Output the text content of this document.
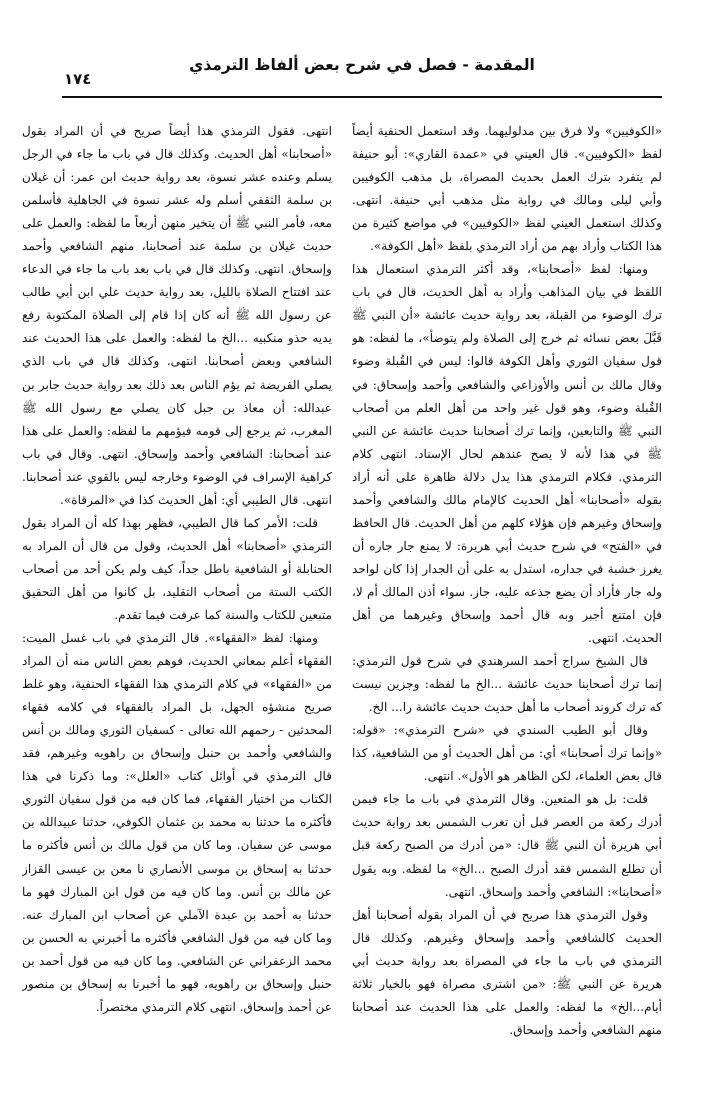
المقدمة - فصل في شرح بعض ألفاظ الترمذي
١٧٤

«الكوفيين» ولا فرق بين مدلوليهما. وقد استعمل الحنفية أيضاً لفظ «الكوفيين». قال العيني في «عمدة القاري»: أبو حنيفة لم يتفرد بترك العمل بحديث المصراة، بل مذهب الكوفيين وأبي ليلى ومالك في رواية مثل مذهب أبي حنيفة. انتهى. وكذلك استعمل العيني لفظ «الكوفيين» في مواضع كثيرة من هذا الكتاب وأراد بهم من أراد الترمذي بلفظ «أهل الكوفة».

ومنها: لفظ «أصحابنا»، وقد أكثر الترمذي استعمال هذا اللفظ في بيان المذاهب وأراد به أهل الحديث، قال في باب ترك الوضوء من القبلة، بعد رواية حديث عائشة «أن النبي ﷺ قَبَّلَ بعض نسائه ثم خرج إلى الصلاة ولم يتوضأ»، ما لفظه: هو قول سفيان الثوري وأهل الكوفة قالوا: ليس في القُبلة وضوء وقال مالك بن أنس والأوزاعي والشافعي وأحمد وإسحاق: في القُبلة وضوء، وهو قول غير واحد من أهل العلم من أصحاب النبي ﷺ والتابعين، وإنما ترك أصحابنا حديث عائشة عن النبي ﷺ في هذا لأنه لا يصح عندهم لحال الإسناد. انتهى كلام الترمذي. فكلام الترمذي هذا يدل دلالة ظاهرة على أنه أراد بقوله «أصحابنا» أهل الحديث كالإمام مالك والشافعي وأحمد وإسحاق وغيرهم فإن هؤلاء كلهم من أهل الحديث. قال الحافظ في «الفتح» في شرح حديث أبي هريرة: لا يمنع جار جاره أن يغرز خشبة في جداره، استدل به على أن الجدار إذا كان لواحد وله جار فأراد أن يضع جذعه عليه، جاز. سواء أذن المالك أم لا، فإن امتنع أجبر وبه قال أحمد وإسحاق وغيرهما من أهل الحديث. انتهى.

قال الشيخ سراج أحمد السرهندي في شرح قول الترمذي: إنما ترك أصحابنا حديث عائشة ...الخ ما لفظه: وجزين نيست كه ترك كروند أصحاب ما أهل حديث حديث عائشة را... الخ.

وقال أبو الطيب السندي في «شرح الترمذي»: «قوله: «وإنما ترك أصحابنا» أي: من أهل الحديث أو من الشافعية، كذا قال بعض العلماء، لكن الظاهر هو الأول». انتهى.

قلت: بل هو المتعين. وقال الترمذي في باب ما جاء فيمن أدرك ركعة من العصر قبل أن تغرب الشمس بعد رواية حديث أبي هريرة أن النبي ﷺ قال: «من أدرك من الصبح ركعة قبل أن تطلع الشمس فقد أدرك الصبح ...الخ» ما لفظه. وبه يقول «أصحابنا»: الشافعي وأحمد وإسحاق. انتهى.

وقول الترمذي هذا صريح في أن المراد بقوله أصحابنا أهل الحديث كالشافعي وأحمد وإسحاق وغيرهم. وكذلك قال الترمذي في باب ما جاء في المصراة بعد رواية حديث أبي هريرة عن النبي ﷺ: «من اشترى مصراة فهو بالخيار ثلاثة أيام...الخ» ما لفظه: والعمل على هذا الحديث عند أصحابنا منهم الشافعي وأحمد وإسحاق.

انتهى. فقول الترمذي هذا أيضاً صريح في أن المراد بقول «أصحابنا» أهل الحديث. وكذلك قال في باب ما جاء في الرجل يسلم وعنده عشر نسوة، بعد رواية حديث ابن عمر: أن غيلان بن سلمة الثقفي أسلم وله عشر نسوة في الجاهلية فأسلمن معه، فأمر النبي ﷺ أن يتخير منهن أربعاً ما لفظه: والعمل على حديث غيلان بن سلمة عند أصحابنا، منهم الشافعي وأحمد وإسحاق. انتهى. وكذلك قال في باب بعد باب ما جاء في الدعاء عند افتتاح الصلاة بالليل، بعد رواية حديث علي ابن أبي طالب عن رسول الله ﷺ أنه كان إذا قام إلى الصلاة المكتوبة رفع يديه حذو منكبيه ...الخ ما لفظه: والعمل على هذا الحديث عند الشافعي وبعض أصحابنا. انتهى. وكذلك قال في باب الذي يصلي الفريضة ثم يؤم الناس بعد ذلك بعد رواية حديث جابر بن عبدالله: أن معاذ بن جبل كان يصلي مع رسول الله ﷺ المغرب، ثم يرجع إلى قومه فيؤمهم ما لفظه: والعمل على هذا عند أصحابنا: الشافعي وأحمد وإسحاق. انتهى. وقال في باب كراهية الإسراف في الوضوء وخارجه ليس بالقوي عند أصحابنا. انتهى. قال الطيبي أي: أهل الحديث كذا في «المرقاة».

قلت: الأمر كما قال الطيبي، فظهر بهذا كله أن المراد بقول الترمذي «أصحابنا» أهل الحديث، وقول من قال أن المراد به الحنابلة أو الشافعية باطل جداً، كيف ولم يكن أحد من أصحاب الكتب الستة من أصحاب التقليد، بل كانوا من أهل التحقيق متبعين للكتاب والسنة كما عرفت فيما تقدم.

ومنها: لفظ «الفقهاء». قال الترمذي في باب غسل الميت: الفقهاء أعلم بمعاني الحديث، فوهم بعض الناس منه أن المراد من «الفقهاء» في كلام الترمذي هذا الفقهاء الحنفية، وهو غلط صريح منشؤه الجهل، بل المراد بالفقهاء في كلامه فقهاء المحدثين - رحمهم الله تعالى - كسفيان الثوري ومالك بن أنس والشافعي وأحمد بن حنبل وإسحاق بن راهويه وغيرهم، فقد قال الترمذي في أوائل كتاب «العلل»: وما ذكرنا في هذا الكتاب من اختيار الفقهاء، فما كان فيه من قول سفيان الثوري فأكثره ما حدثنا به محمد بن عثمان الكوفي، حدثنا عبيدالله بن موسى عن سفيان. وما كان من قول مالك بن أنس فأكثره ما حدثنا به إسحاق بن موسى الأنصاري نا معن بن عيسى القزاز عن مالك بن أنس. وما كان فيه من قول ابن المبارك فهو ما حدثنا به أحمد بن عبدة الآملي عن أصحاب ابن المبارك عنه. وما كان فيه من قول الشافعي فأكثره ما أخبرني به الحسن بن محمد الزعفراني عن الشافعي. وما كان فيه من قول أحمد بن حنبل وإسحاق بن راهويه، فهو ما أخبرنا به إسحاق بن منصور عن أحمد وإسحاق. انتهى كلام الترمذي مختصراً.
